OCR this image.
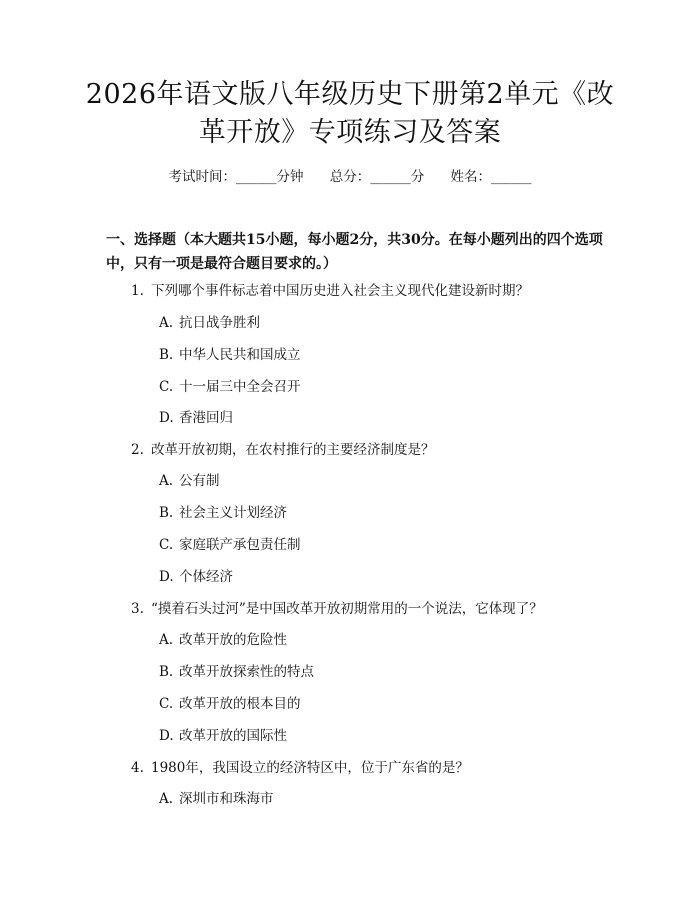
2026年语文版八年级历史下册第2单元《改
革开放》专项练习及答案
考试时间：______分钟 总分：______分 姓名：______
一、选择题（本大题共15小题，每小题2分，共30分。在每小题列出的四个选项中，只有一项是最符合题目要求的。）
1. 下列哪个事件标志着中国历史进入社会主义现代化建设新时期？
A. 抗日战争胜利
B. 中华人民共和国成立
C. 十一届三中全会召开
D. 香港回归
2. 改革开放初期，在农村推行的主要经济制度是？
A. 公有制
B. 社会主义计划经济
C. 家庭联产承包责任制
D. 个体经济
3. “摸着石头过河”是中国改革开放初期常用的一个说法，它体现了？
A. 改革开放的危险性
B. 改革开放探索性的特点
C. 改革开放的根本目的
D. 改革开放的国际性
4. 1980年，我国设立的经济特区中，位于广东省的是？
A. 深圳市和珠海市
